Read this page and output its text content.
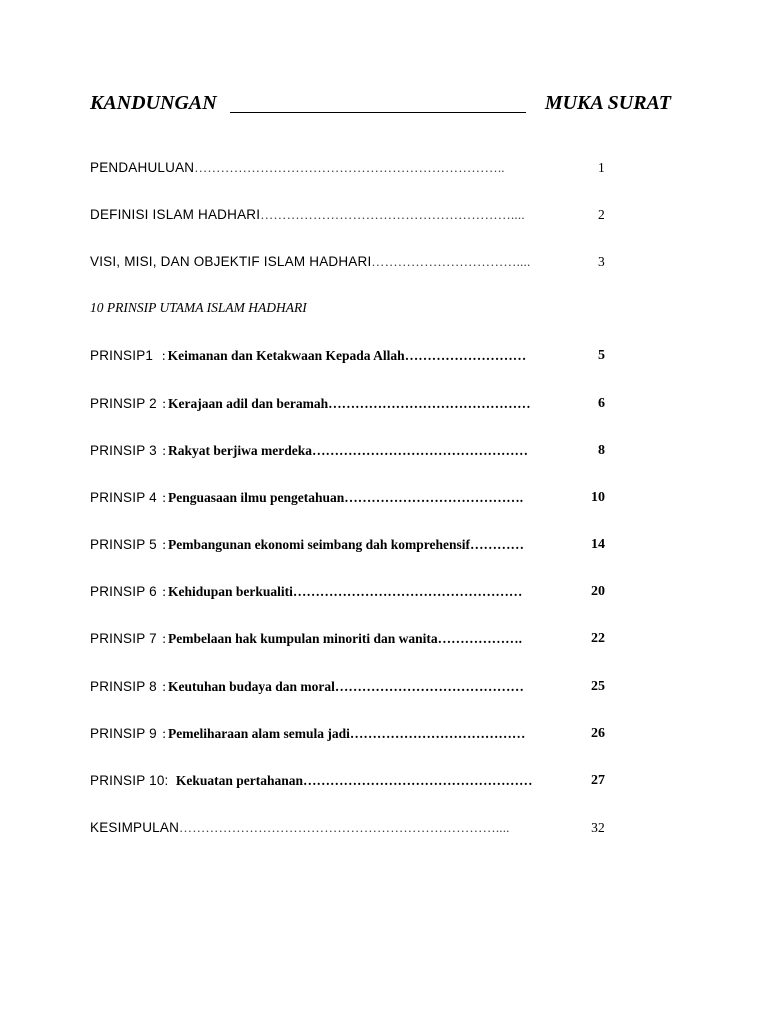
KANDUNGAN	MUKA SURAT
PENDAHULUAN……………………………………………………………..	1
DEFINISI ISLAM HADHARI…………………………………………………....	2
VISI, MISI, DAN OBJEKTIF ISLAM HADHARI……………………………....	3
10 PRINSIP UTAMA ISLAM HADHARI
PRINSIP1  : Keimanan dan Ketakwaan Kepada Allah………………………	5
PRINSIP 2 : Kerajaan adil dan beramah………………………………………	6
PRINSIP 3 : Rakyat berjiwa merdeka…………………………………………	8
PRINSIP 4 : Penguasaan ilmu pengetahuan………………………………….	10
PRINSIP 5 : Pembangunan ekonomi seimbang dah komprehensif…………	14
PRINSIP 6 : Kehidupan berkualiti……………………………………………	20
PRINSIP 7 : Pembelaan hak kumpulan minoriti dan wanita……………….	22
PRINSIP 8 : Keutuhan budaya dan moral……………………………………	25
PRINSIP 9 : Pemeliharaan alam semula jadi…………………………………	26
PRINSIP 10: Kekuatan pertahanan……………………………………………	27
KESIMPULAN………………………………………………………………....	32
